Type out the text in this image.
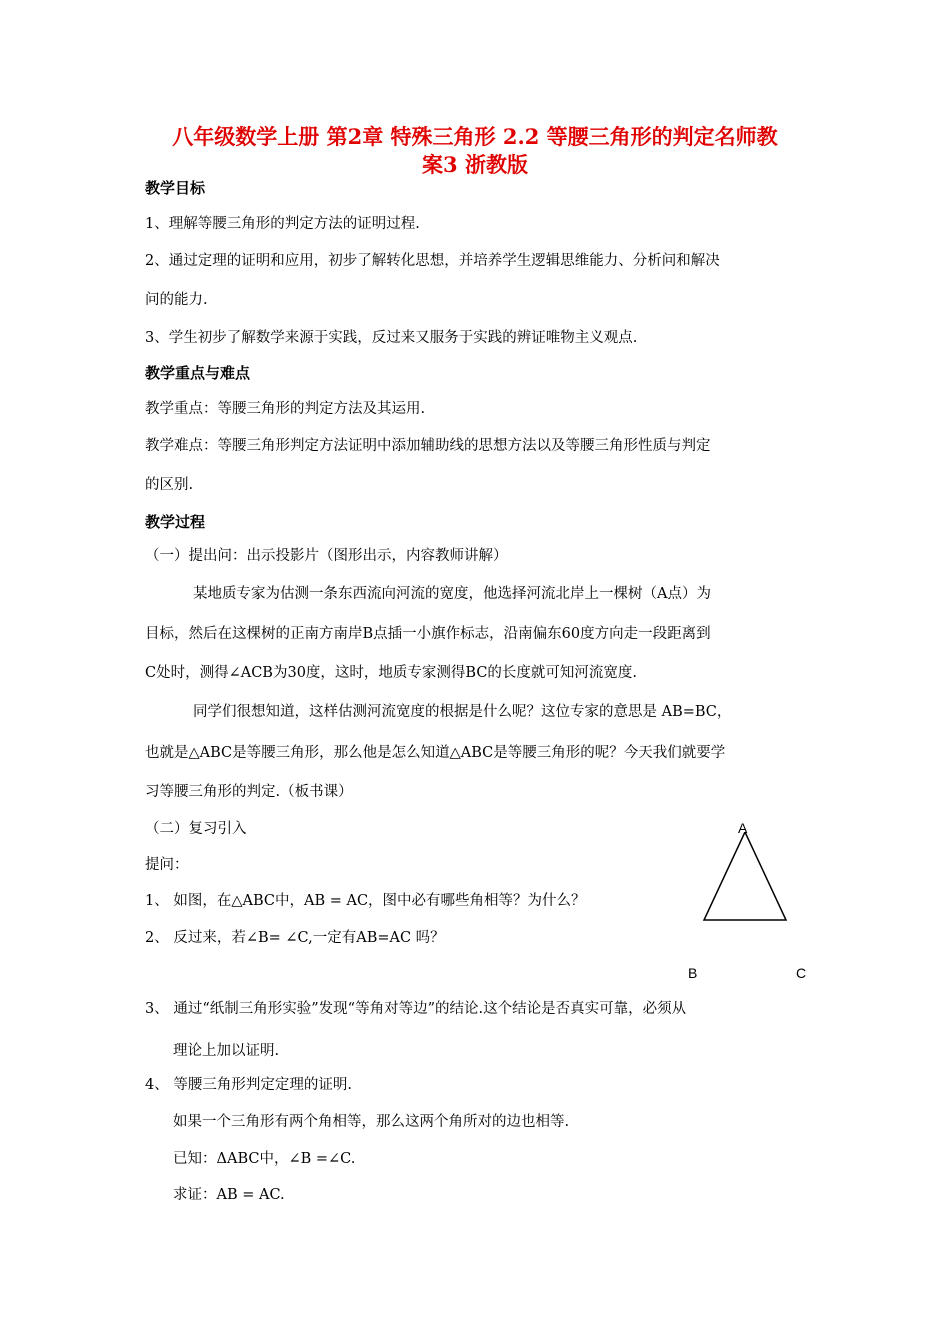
八年级数学上册 第2章 特殊三角形 2.2 等腰三角形的判定名师教
案3 浙教版
教学目标
1、理解等腰三角形的判定方法的证明过程.
2、通过定理的证明和应用，初步了解转化思想，并培养学生逻辑思维能力、分析问和解决
问的能力.
3、学生初步了解数学来源于实践，反过来又服务于实践的辨证唯物主义观点.
教学重点与难点
教学重点：等腰三角形的判定方法及其运用.
教学难点：等腰三角形判定方法证明中添加辅助线的思想方法以及等腰三角形性质与判定
的区别.
教学过程
（一）提出问：出示投影片（图形出示，内容教师讲解）
某地质专家为估测一条东西流向河流的宽度，他选择河流北岸上一棵树（A点）为
目标，然后在这棵树的正南方南岸B点插一小旗作标志，沿南偏东60度方向走一段距离到
C处时，测得∠ACB为30度，这时，地质专家测得BC的长度就可知河流宽度.
同学们很想知道，这样估测河流宽度的根据是什么呢？这位专家的意思是 AB=BC，
也就是△ABC是等腰三角形，那么他是怎么知道△ABC是等腰三角形的呢？今天我们就要学
习等腰三角形的判定.（板书课）
（二）复习引入
提问：
1、 如图，在△ABC中，AB = AC，图中必有哪些角相等？为什么？
2、 反过来，若∠B= ∠C,一定有AB=AC 吗？
3、 通过“纸制三角形实验”发现“等角对等边”的结论.这个结论是否真实可靠，必须从
理论上加以证明.
4、 等腰三角形判定定理的证明.
如果一个三角形有两个角相等，那么这两个角所对的边也相等.
已知：ΔABC中，∠B =∠C.
求证：AB = AC.
A
B	C
